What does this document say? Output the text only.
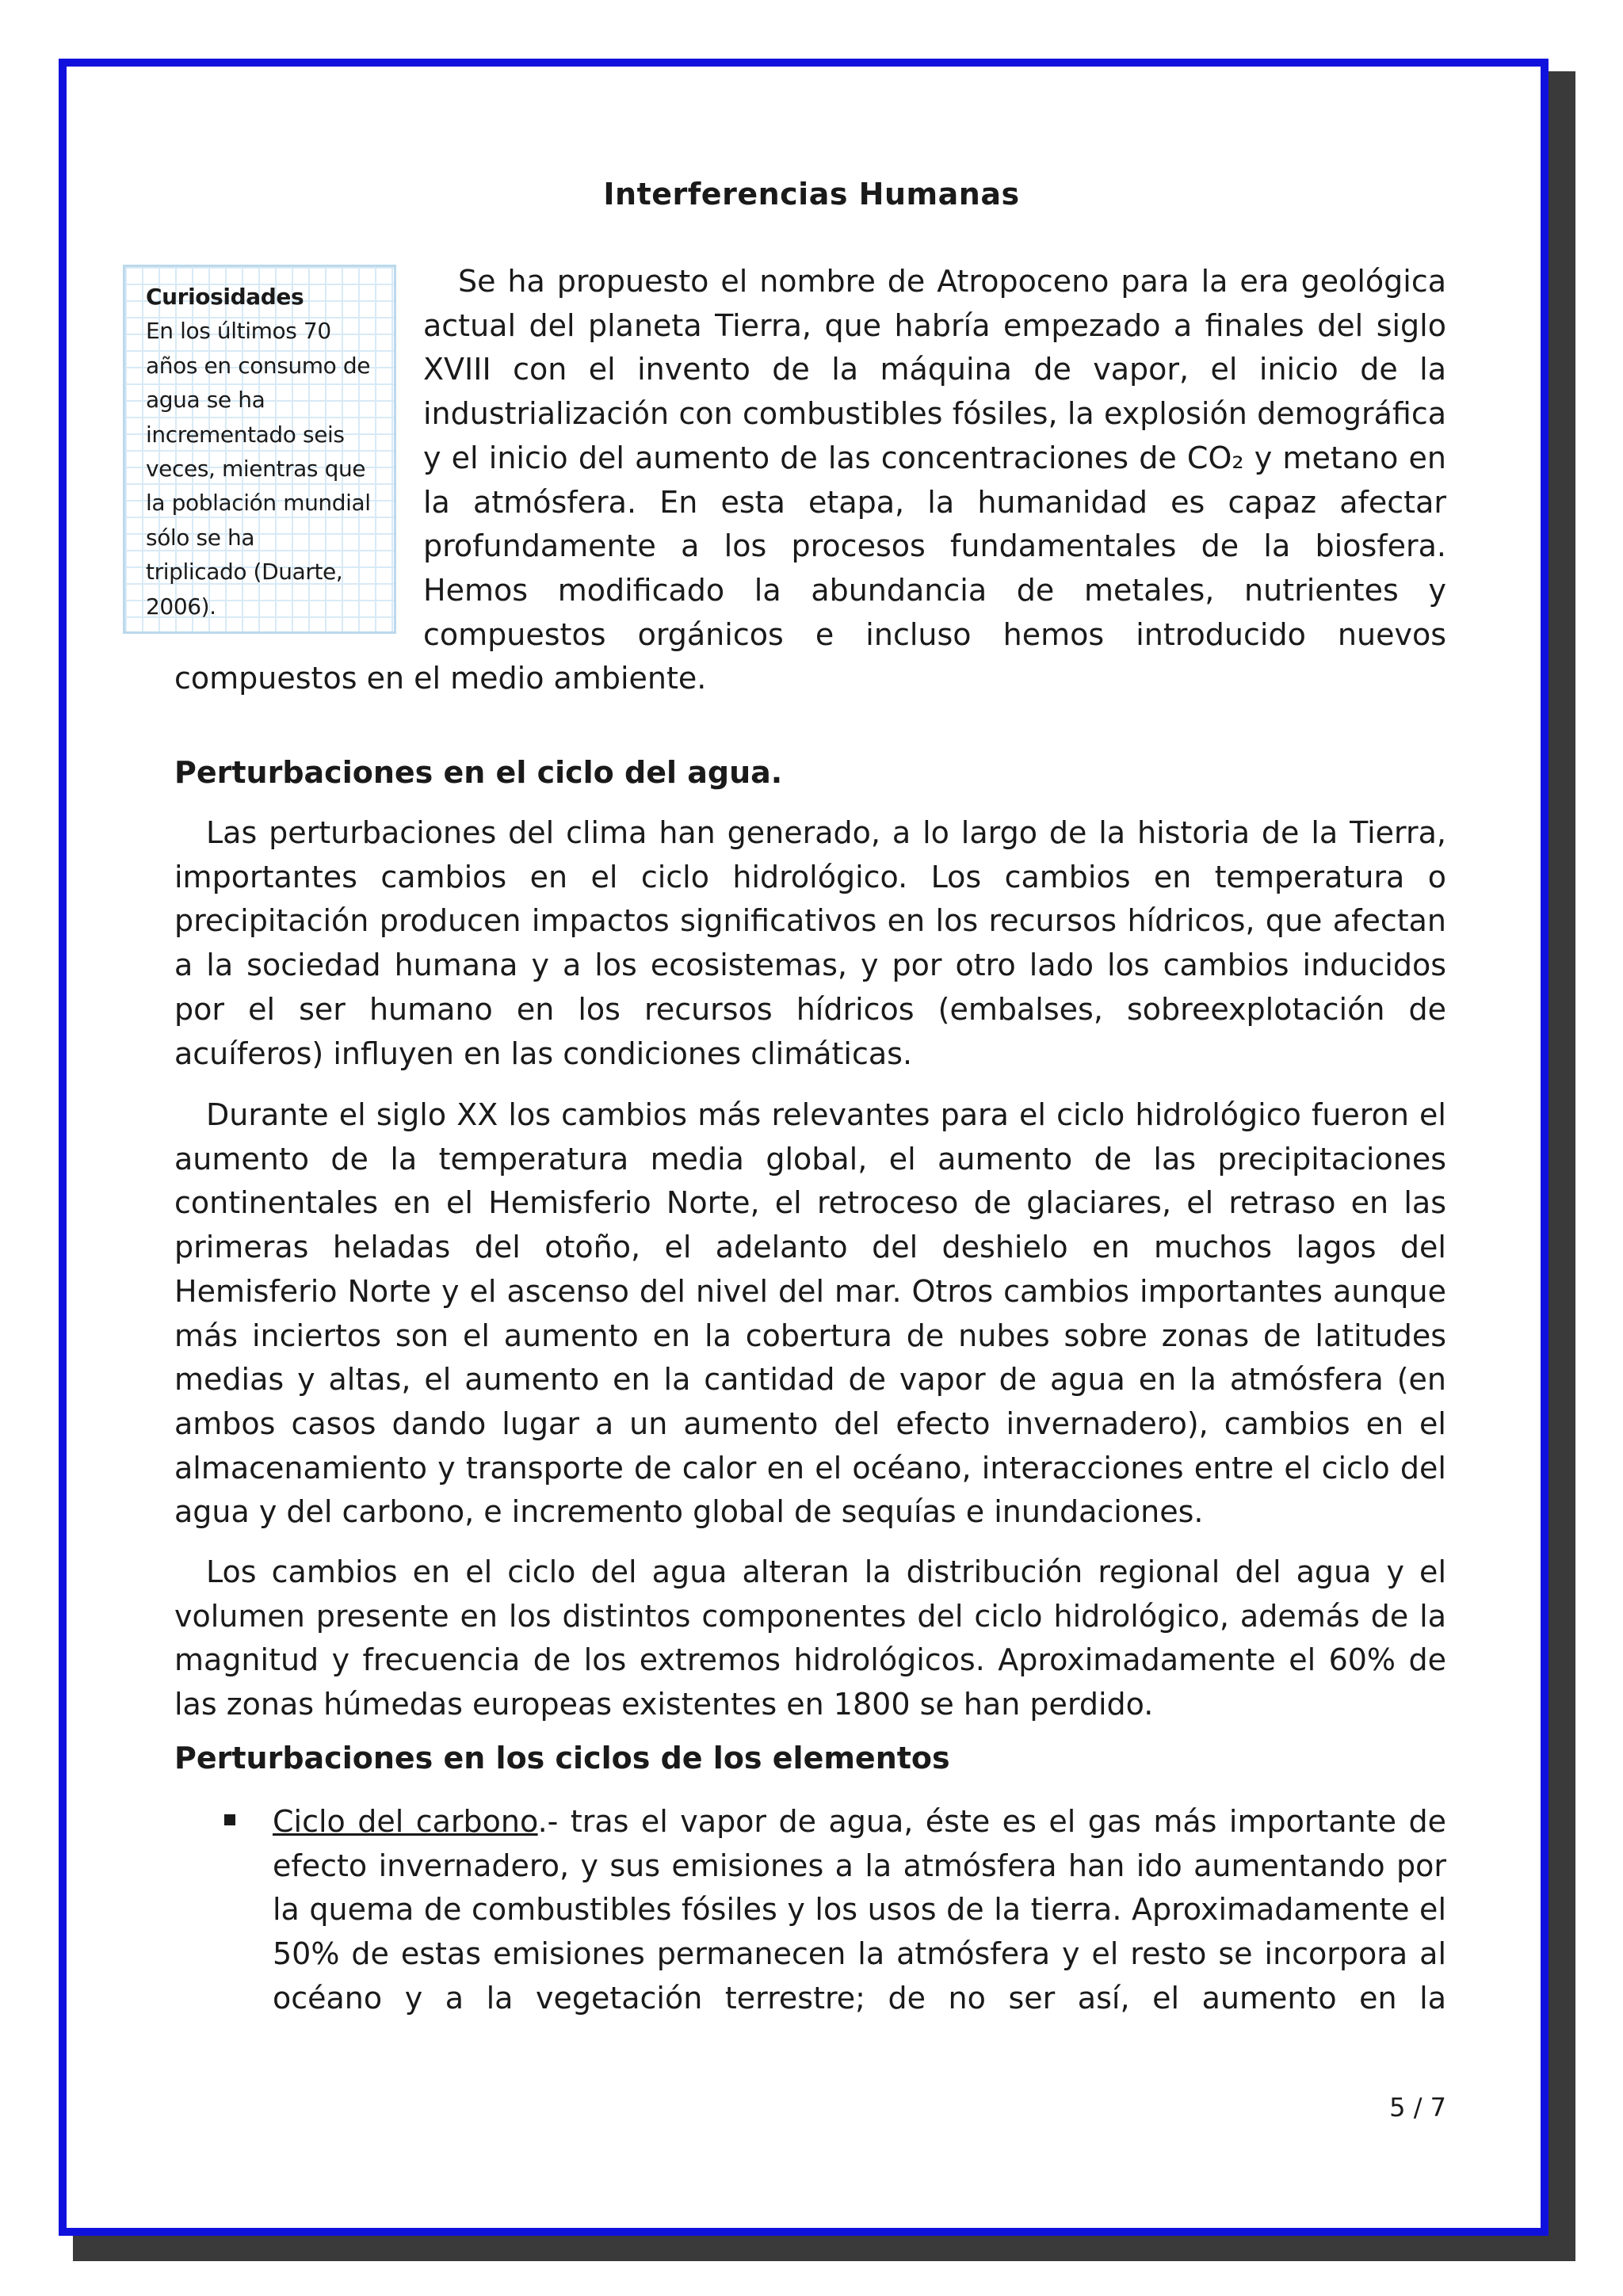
Interferencias Humanas
Curiosidades
En los últimos 70
años en consumo de
agua se ha
incrementado seis
veces, mientras que
la población mundial
sólo se ha
triplicado (Duarte,
2006).
Se ha propuesto el nombre de Atropoceno para la era geológica
actual del planeta Tierra, que habría empezado a finales del siglo
XVIII con el invento de la máquina de vapor, el inicio de la
industrialización con combustibles fósiles, la explosión demográfica
y el inicio del aumento de las concentraciones de CO₂ y metano en
la atmósfera. En esta etapa, la humanidad es capaz afectar
profundamente a los procesos fundamentales de la biosfera.
Hemos modificado la abundancia de metales, nutrientes y
compuestos orgánicos e incluso hemos introducido nuevos
compuestos en el medio ambiente.
Perturbaciones en el ciclo del agua.
Las perturbaciones del clima han generado, a lo largo de la historia de la Tierra,
importantes cambios en el ciclo hidrológico. Los cambios en temperatura o
precipitación producen impactos significativos en los recursos hídricos, que afectan
a la sociedad humana y a los ecosistemas, y por otro lado los cambios inducidos
por el ser humano en los recursos hídricos (embalses, sobreexplotación de
acuíferos) influyen en las condiciones climáticas.
Durante el siglo XX los cambios más relevantes para el ciclo hidrológico fueron el
aumento de la temperatura media global, el aumento de las precipitaciones
continentales en el Hemisferio Norte, el retroceso de glaciares, el retraso en las
primeras heladas del otoño, el adelanto del deshielo en muchos lagos del
Hemisferio Norte y el ascenso del nivel del mar. Otros cambios importantes aunque
más inciertos son el aumento en la cobertura de nubes sobre zonas de latitudes
medias y altas, el aumento en la cantidad de vapor de agua en la atmósfera (en
ambos casos dando lugar a un aumento del efecto invernadero), cambios en el
almacenamiento y transporte de calor en el océano, interacciones entre el ciclo del
agua y del carbono, e incremento global de sequías e inundaciones.
Los cambios en el ciclo del agua alteran la distribución regional del agua y el
volumen presente en los distintos componentes del ciclo hidrológico, además de la
magnitud y frecuencia de los extremos hidrológicos. Aproximadamente el 60% de
las zonas húmedas europeas existentes en 1800 se han perdido.
Perturbaciones en los ciclos de los elementos
Ciclo del carbono.- tras el vapor de agua, éste es el gas más importante de
efecto invernadero, y sus emisiones a la atmósfera han ido aumentando por
la quema de combustibles fósiles y los usos de la tierra. Aproximadamente el
50% de estas emisiones permanecen la atmósfera y el resto se incorpora al
océano y a la vegetación terrestre; de no ser así, el aumento en la
5 / 7
